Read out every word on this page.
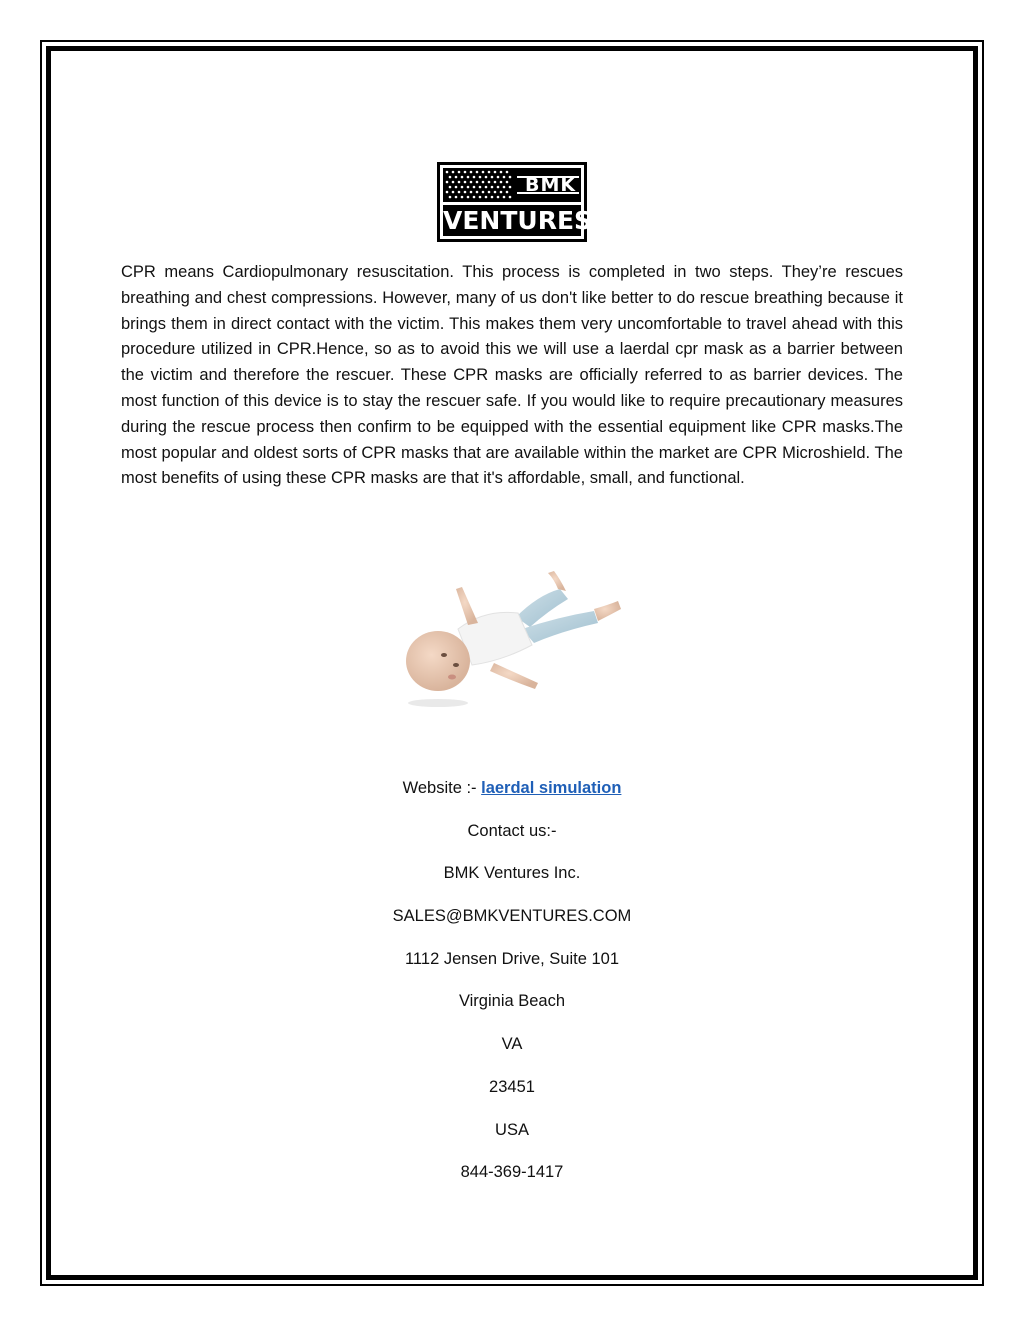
BMK
VENTURES

CPR means Cardiopulmonary resuscitation. This process is completed in two steps. They’re rescues breathing and chest compressions. However, many of us don't like better to do rescue breathing because it brings them in direct contact with the victim. This makes them very uncomfortable to travel ahead with this procedure utilized in CPR.Hence, so as to avoid this we will use a laerdal cpr mask as a barrier between the victim and therefore the rescuer. These CPR masks are officially referred to as barrier devices. The most function of this device is to stay the rescuer safe. If you would like to require precautionary measures during the rescue process then confirm to be equipped with the essential equipment like CPR masks.The most popular and oldest sorts of CPR masks that are available within the market are CPR Microshield. The most benefits of using these CPR masks are that it's affordable, small, and functional.

Website :- laerdal simulation

Contact us:-

BMK Ventures Inc.

SALES@BMKVENTURES.COM

1112 Jensen Drive, Suite 101

Virginia Beach

VA

23451

USA

844-369-1417
